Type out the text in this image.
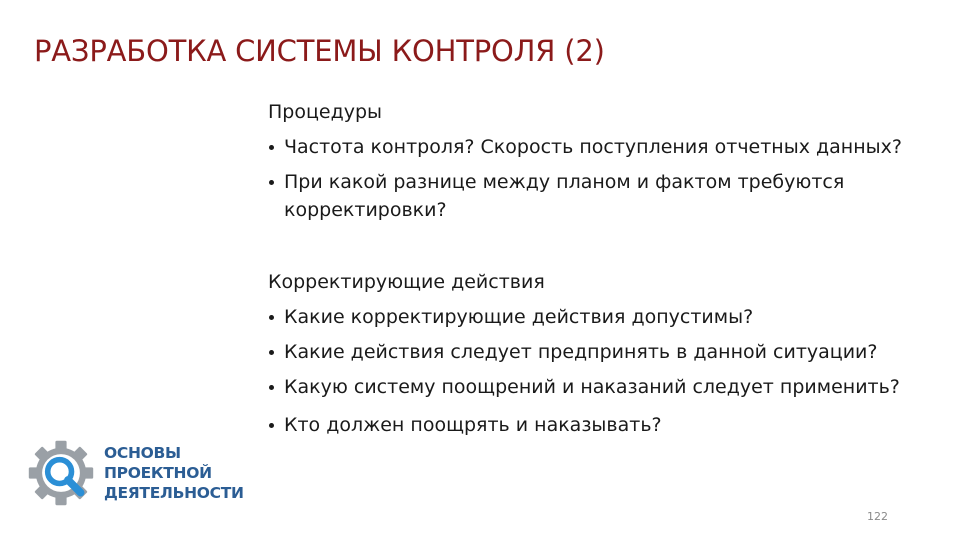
РАЗРАБОТКА СИСТЕМЫ КОНТРОЛЯ (2)

Процедуры

Частота контроля? Скорость поступления отчетных данных?
При какой разнице между планом и фактом требуются корректировки?

Корректирующие действия

Какие корректирующие действия допустимы?
Какие действия следует предпринять в данной ситуации?
Какую систему поощрений и наказаний следует применить?
Кто должен поощрять и наказывать?
ОСНОВЫ
ПРОЕКТНОЙ
ДЕЯТЕЛЬНОСТИ
122
